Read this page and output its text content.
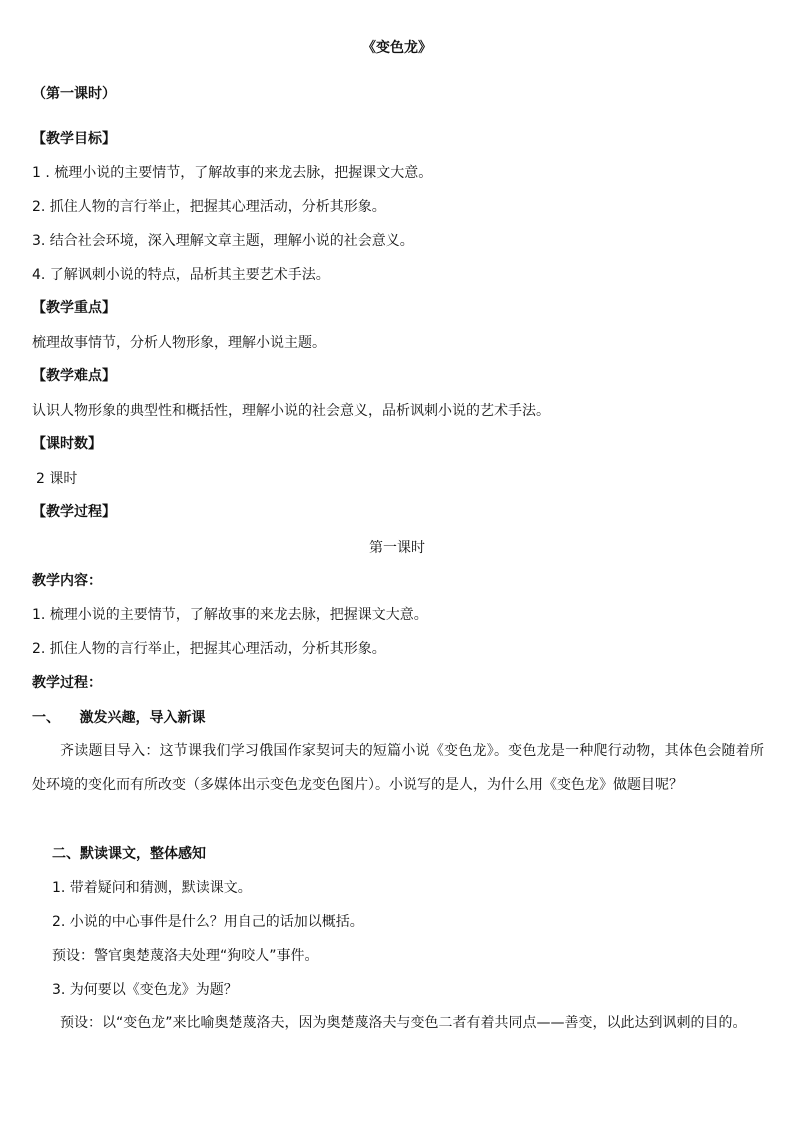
《变色龙》
（第一课时）
【教学目标】
1 . 梳理小说的主要情节，了解故事的来龙去脉，把握课文大意。
2. 抓住人物的言行举止，把握其心理活动，分析其形象。
3. 结合社会环境，深入理解文章主题，理解小说的社会意义。
4. 了解讽刺小说的特点，品析其主要艺术手法。
【教学重点】
梳理故事情节，分析人物形象，理解小说主题。
【教学难点】
认识人物形象的典型性和概括性，理解小说的社会意义，品析讽刺小说的艺术手法。
【课时数】
2 课时
【教学过程】
第一课时
教学内容：
1. 梳理小说的主要情节，了解故事的来龙去脉，把握课文大意。
2. 抓住人物的言行举止，把握其心理活动，分析其形象。
教学过程：
一、    激发兴趣，导入新课
齐读题目导入：这节课我们学习俄国作家契诃夫的短篇小说《变色龙》。变色龙是一种爬行动物，其体色会随着所处环境的变化而有所改变（多媒体出示变色龙变色图片）。小说写的是人，为什么用《变色龙》做题目呢？
二、默读课文，整体感知
1. 带着疑问和猜测，默读课文。
2. 小说的中心事件是什么？用自己的话加以概括。
预设：警官奥楚蔑洛夫处理“狗咬人”事件。
3. 为何要以《变色龙》为题？
预设：以“变色龙”来比喻奥楚蔑洛夫，因为奥楚蔑洛夫与变色二者有着共同点——善变，以此达到讽刺的目的。
